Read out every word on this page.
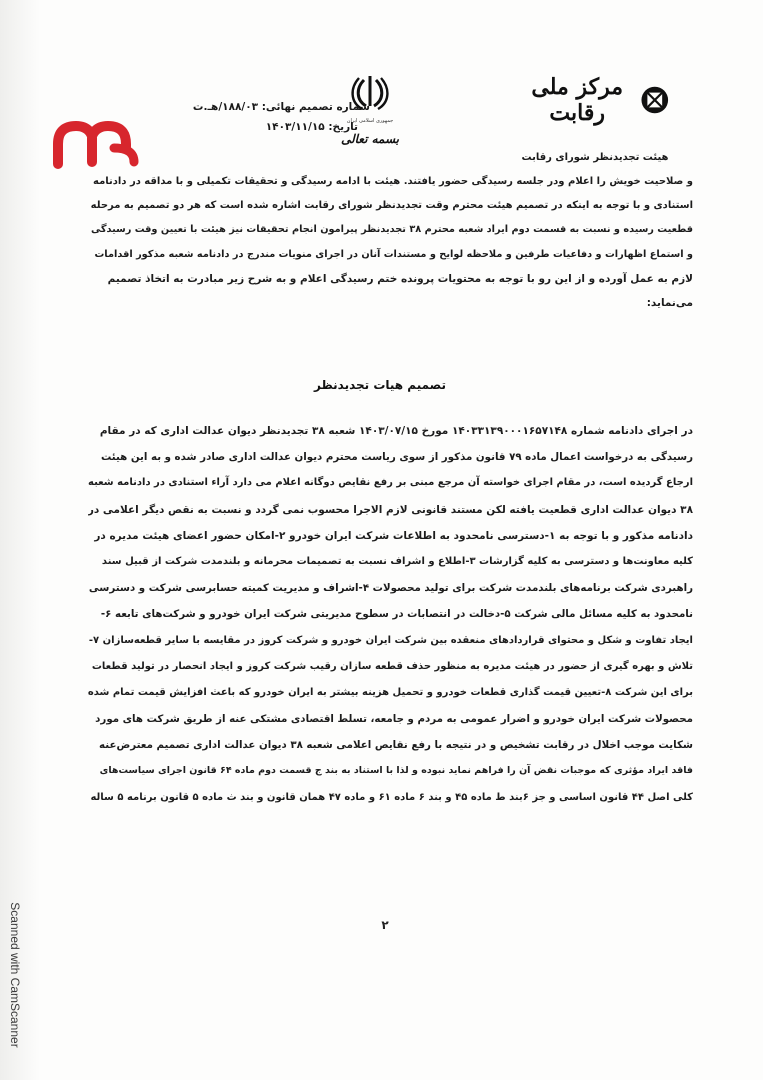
شماره تصمیم نهائی: ۱۸۸/۰۳/هـ.ت
تاریخ: ۱۴۰۳/۱۱/۱۵
جمهوری اسلامی ایران
بسمه تعالی
مرکز ملی رقابت
هیئت تجدیدنظر شورای رقابت
و صلاحیت خویش را اعلام ودر جلسه رسیدگی حضور یافتند. هیئت با ادامه رسیدگی و تحقیقات تکمیلی و با مداقه در دادنامه
استنادی و با توجه به اینکه در تصمیم هیئت محترم وقت تجدیدنظر شورای رقابت اشاره شده است که هر دو تصمیم به مرحله
قطعیت رسیده و نسبت به قسمت دوم ایراد شعبه محترم ۳۸ تجدیدنظر پیرامون انجام تحقیقات نیز هیئت با تعیین وقت رسیدگی
و استماع اظهارات و دفاعیات طرفین و ملاحظه لوایح و مستندات آنان در اجرای منویات مندرج در دادنامه شعبه مذکور اقدامات
لازم به عمل آورده و از این رو با توجه به محتویات پرونده ختم رسیدگی اعلام و به شرح زیر مبادرت به اتخاذ تصمیم
می‌نماید:
تصمیم هیات تجدیدنظر
در اجرای دادنامه شماره ۱۴۰۳۳۱۳۹۰۰۰۱۶۵۷۱۴۸ مورخ ۱۴۰۳/۰۷/۱۵ شعبه ۳۸ تجدیدنظر دیوان عدالت اداری که در مقام
رسیدگی به درخواست اعمال ماده ۷۹ قانون مذکور از سوی ریاست محترم دیوان عدالت اداری صادر شده و به این هیئت
ارجاع گردیده است، در مقام اجرای خواسته آن مرجع مبنی بر رفع نقایص دوگانه اعلام می دارد آراء استنادی در دادنامه شعبه
۳۸ دیوان عدالت اداری قطعیت یافته لکن مستند قانونی لازم الاجرا محسوب نمی گردد و نسبت به نقص دیگر اعلامی در
دادنامه مذکور و با توجه به ۱-دسترسی نامحدود به اطلاعات شرکت ایران خودرو ۲-امکان حضور اعضای هیئت مدیره در
کلیه معاونت‌ها و دسترسی به کلیه گزارشات ۳-اطلاع و اشراف نسبت به تصمیمات محرمانه و بلندمدت شرکت از قبیل سند
راهبردی شرکت برنامه‌های بلندمدت شرکت برای تولید محصولات ۴-اشراف و مدیریت کمیته حسابرسی شرکت و دسترسی
نامحدود به کلیه مسائل مالی شرکت ۵-دخالت در انتصابات در سطوح مدیریتی شرکت ایران خودرو و شرکت‌های تابعه ۶-
ایجاد تفاوت و شکل و محتوای قراردادهای منعقده بین شرکت ایران خودرو و شرکت کروز در مقایسه با سایر قطعه‌سازان ۷-
تلاش و بهره گیری از حضور در هیئت مدیره به منظور حذف قطعه سازان رقیب شرکت کروز و ایجاد انحصار در تولید قطعات
برای این شرکت ۸-تعیین قیمت گذاری قطعات خودرو و تحمیل هزینه بیشتر به ایران خودرو که باعث افزایش قیمت تمام شده
محصولات شرکت ایران خودرو و اضرار عمومی به مردم و جامعه، تسلط اقتصادی مشتکی عنه از طریق شرکت های مورد
شکایت موجب اخلال در رقابت تشخیص و در نتیجه با رفع نقایص اعلامی شعبه ۳۸ دیوان عدالت اداری تصمیم معترض‌عنه
فاقد ایراد مؤثری که موجبات نقض آن را فراهم نماید نبوده و لذا با استناد به بند ج قسمت دوم ماده ۶۴ قانون اجرای سیاست‌های
کلی اصل ۴۴ قانون اساسی و جز ۶بند ط ماده ۴۵ و بند ۶ ماده ۶۱ و ماده ۴۷ همان قانون و بند ث ماده ۵ قانون برنامه ۵ ساله
۲
Scanned with CamScanner
